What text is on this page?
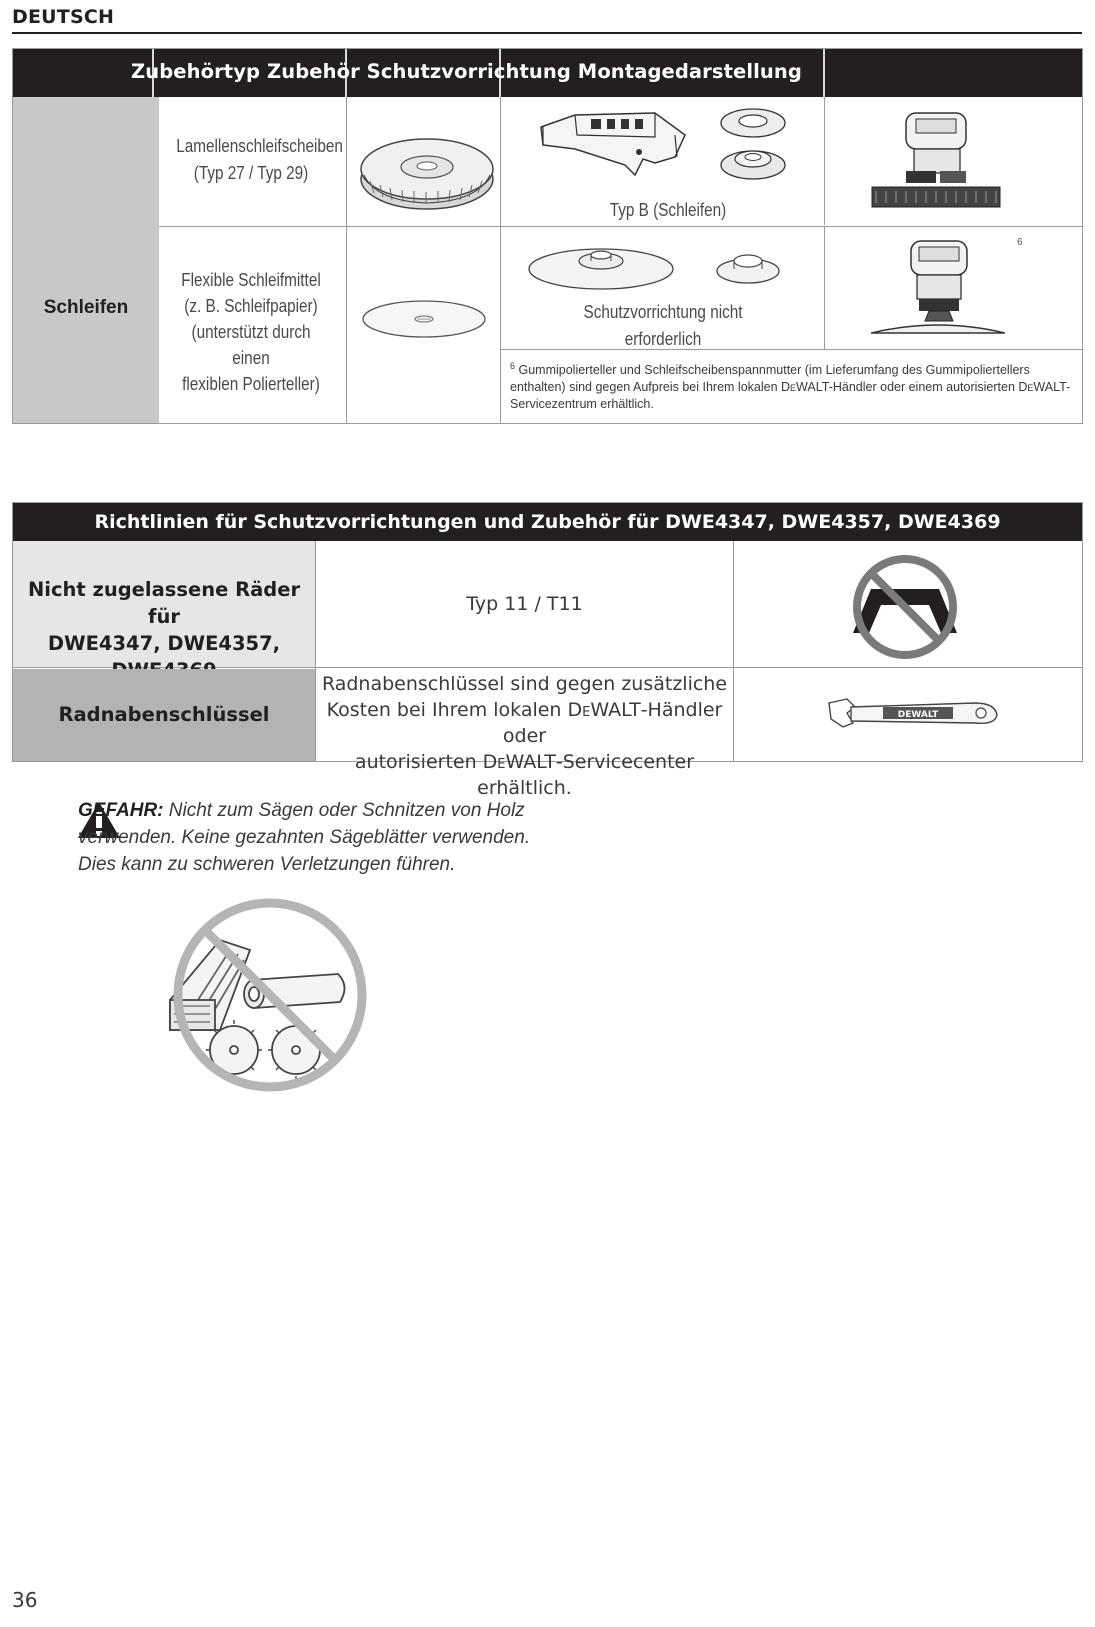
DEUTSCH
Zubehörtyp Zubehör Schutzvorrichtung Montagedarstellung
Schleifen
Lamellenschleifscheiben
(Typ 27 / Typ 29)
Typ B (Schleifen)
Flexible Schleifmittel
(z. B. Schleifpapier)
(unterstützt durch einen
flexiblen Polierteller)
Schutzvorrichtung nicht erforderlich
6
$^6$ Gummipolierteller und Schleifscheibenspannmutter (im Lieferumfang des Gummipoliertellers enthalten) sind gegen Aufpreis bei Ihrem lokalen DeWALT-Händler oder einem autorisierten DeWALT-Servicezentrum erhältlich.
Richtlinien für Schutzvorrichtungen und Zubehör für DWE4347, DWE4357, DWE4369
Nicht zugelassene Räder für
DWE4347, DWE4357,
Typ 11 / T11
Radnabenschlüssel
Radnabenschlüssel sind gegen zusätzliche
Kosten bei Ihrem lokalen DeWALT-Händler oder
autorisierten DeWALT-Servicecenter erhältlich.
DEWALT
GEFAHR: Nicht zum Sägen oder Schnitzen von Holz verwenden. Keine gezahnten Sägeblätter verwenden. Dies kann zu schweren Verletzungen führen.
36
